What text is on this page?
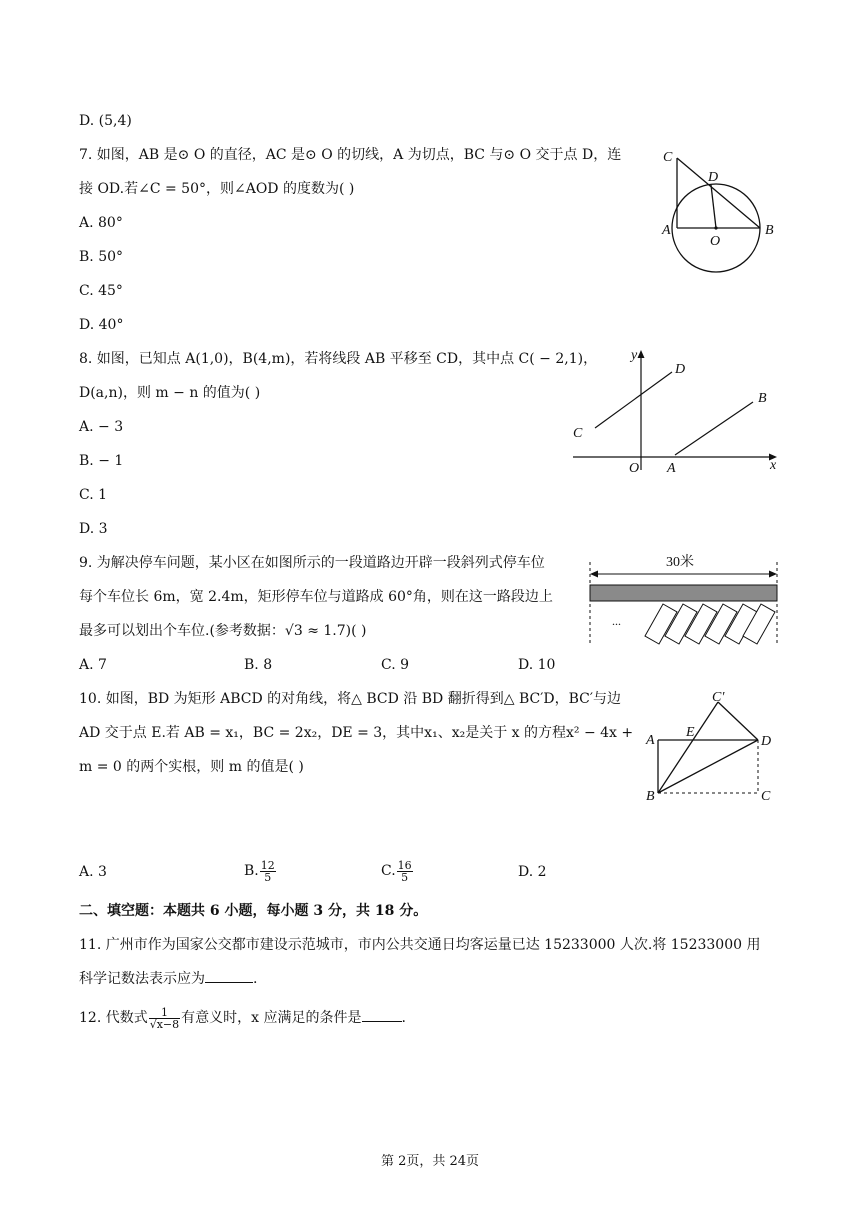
D. (5,4)
7. 如图，AB 是⊙ O 的直径，AC 是⊙ O 的切线，A 为切点，BC 与⊙ O 交于点 D，连
接 OD.若∠C = 50°，则∠AOD 的度数为( )
A. 80°
B. 50°
C. 45°
D. 40°
C
D
A
O
B
8. 如图，已知点 A(1,0)，B(4,m)，若将线段 AB 平移至 CD，其中点 C( − 2,1)，
D(a,n)，则 m − n 的值为( )
A. − 3
B. − 1
C. 1
D. 3
y
D
B
C
O A	x
9. 为解决停车问题，某小区在如图所示的一段道路边开辟一段斜列式停车位
每个车位长 6m，宽 2.4m，矩形停车位与道路成 60°角，则在这一路段边上
最多可以划出个车位.(参考数据：√3 ≈ 1.7)( )
A. 7	B. 8	C. 9	D. 10
30米
...
10. 如图，BD 为矩形 ABCD 的对角线，将△ BCD 沿 BD 翻折得到△ BC′D，BC′与边
AD 交于点 E.若 AB = x₁，BC = 2x₂，DE = 3，其中x₁、x₂是关于 x 的方程x² − 4x +
m = 0 的两个实根，则 m 的值是( )
C′
A
E
D
B	C
A. 3	B. $\frac{12}{5}$	C. $\frac{16}{5}$	D. 2
二、填空题：本题共 6 小题，每小题 3 分，共 18 分。
11. 广州市作为国家公交都市建设示范城市，市内公共交通日均客运量已达 15233000 人次.将 15233000 用
科学记数法表示应为	.
12. 代数式 $\frac{1}{√x-8}$ 有意义时，x 应满足的条件是	.
第 2页，共 24页
